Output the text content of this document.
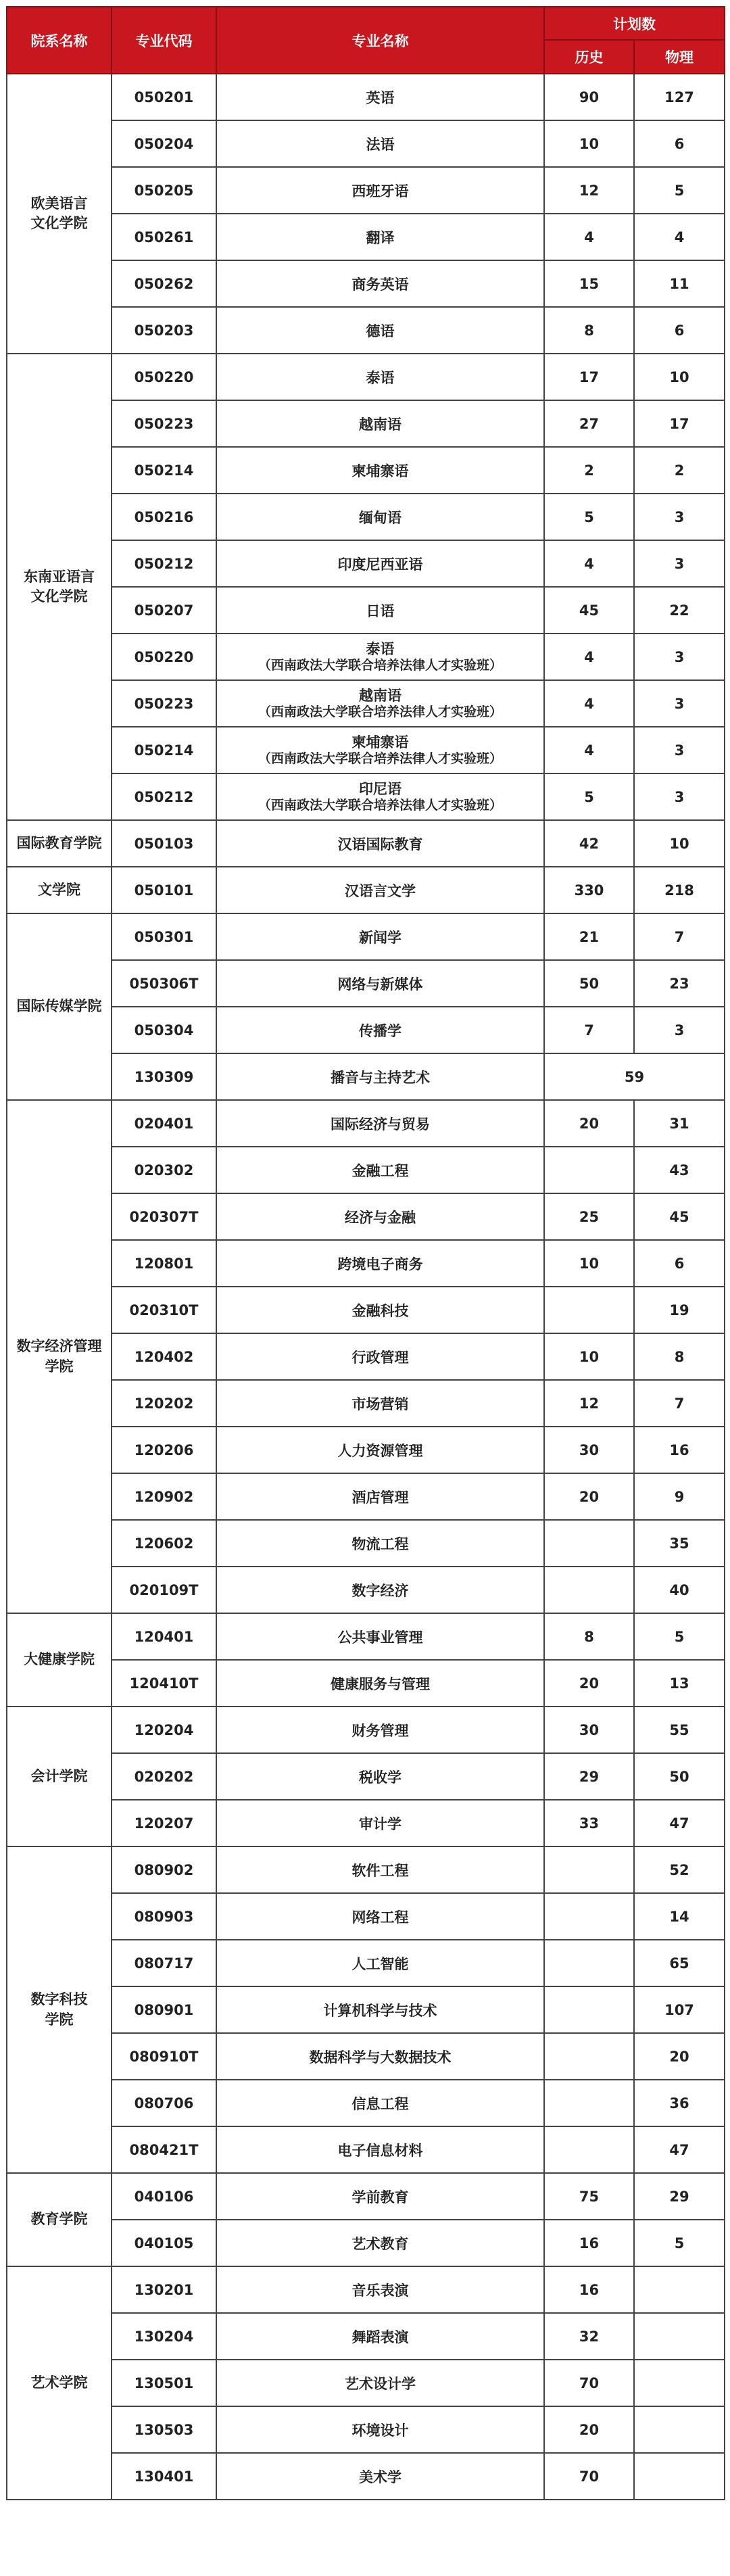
院系名称	专业代码	专业名称	计划数	
			历史	物理
欧美语言
文化学院	050201	英语	90	127
	050204	法语	10	6
	050205	西班牙语	12	5
	050261	翻译	4	4
	050262	商务英语	15	11
	050203	德语	8	6
东南亚语言
文化学院	050220	泰语	17	10
	050223	越南语	27	17
	050214	柬埔寨语	2	2
	050216	缅甸语	5	3
	050212	印度尼西亚语	4	3
	050207	日语	45	22
	050220	泰语
（西南政法大学联合培养法律人才实验班）	4	3
	050223	越南语
（西南政法大学联合培养法律人才实验班）	4	3
	050214	柬埔寨语
（西南政法大学联合培养法律人才实验班）	4	3
	050212	印尼语
（西南政法大学联合培养法律人才实验班）	5	3
国际教育学院	050103	汉语国际教育	42	10
文学院	050101	汉语言文学	330	218
国际传媒学院	050301	新闻学	21	7
	050306T	网络与新媒体	50	23
	050304	传播学	7	3
	130309	播音与主持艺术	59	
数字经济管理
学院	020401	国际经济与贸易	20	31
	020302	金融工程		43
	020307T	经济与金融	25	45
	120801	跨境电子商务	10	6
	020310T	金融科技		19
	120402	行政管理	10	8
	120202	市场营销	12	7
	120206	人力资源管理	30	16
	120902	酒店管理	20	9
	120602	物流工程		35
	020109T	数字经济		40
大健康学院	120401	公共事业管理	8	5
	120410T	健康服务与管理	20	13
会计学院	120204	财务管理	30	55
	020202	税收学	29	50
	120207	审计学	33	47
数字科技
学院	080902	软件工程		52
	080903	网络工程		14
	080717	人工智能		65
	080901	计算机科学与技术		107
	080910T	数据科学与大数据技术		20
	080706	信息工程		36
	080421T	电子信息材料		47
教育学院	040106	学前教育	75	29
	040105	艺术教育	16	5
艺术学院	130201	音乐表演	16	
	130204	舞蹈表演	32	
	130501	艺术设计学	70	
	130503	环境设计	20	
	130401	美术学	70	
